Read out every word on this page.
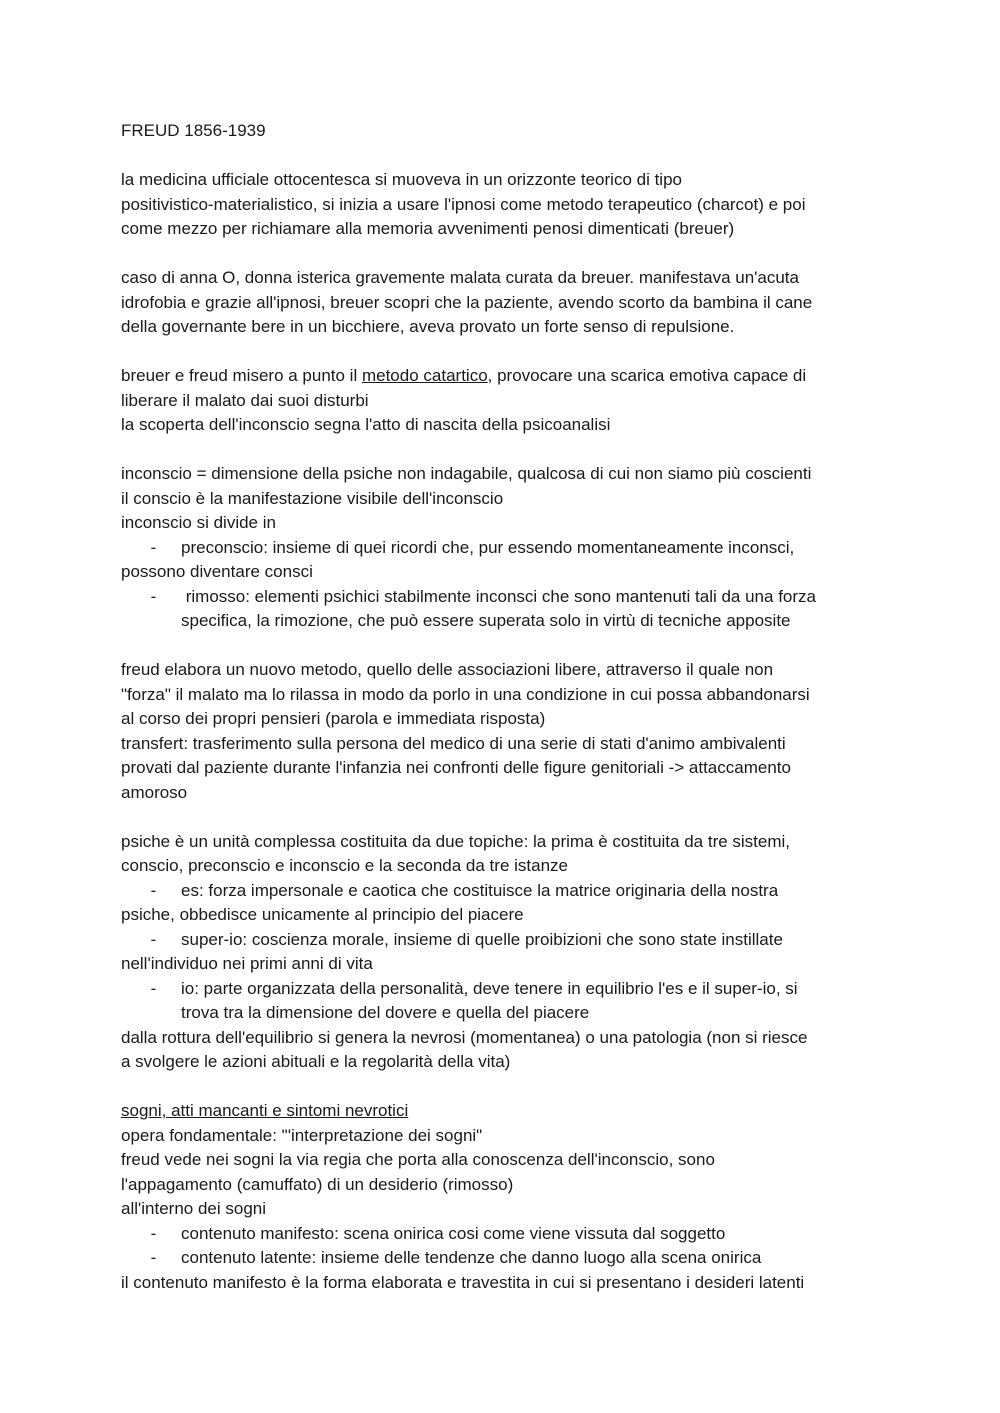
FREUD 1856-1939

la medicina ufficiale ottocentesca si muoveva in un orizzonte teorico di tipo

positivistico-materialistico, si inizia a usare l'ipnosi come metodo terapeutico (charcot) e poi

come mezzo per richiamare alla memoria avvenimenti penosi dimenticati (breuer)

caso di anna O, donna isterica gravemente malata curata da breuer. manifestava un'acuta

idrofobia e grazie all'ipnosi, breuer scopri che la paziente, avendo scorto da bambina il cane

della governante bere in un bicchiere, aveva provato un forte senso di repulsione.

breuer e freud misero a punto il metodo catartico, provocare una scarica emotiva capace di

liberare il malato dai suoi disturbi

la scoperta dell'inconscio segna l'atto di nascita della psicoanalisi

inconscio = dimensione della psiche non indagabile, qualcosa di cui non siamo più coscienti

il conscio è la manifestazione visibile dell'inconscio

inconscio si divide in

-	preconscio: insieme di quei ricordi che, pur essendo momentaneamente inconsci,

possono diventare consci

-	rimosso: elementi psichici stabilmente inconsci che sono mantenuti tali da una forza

specifica, la rimozione, che può essere superata solo in virtù di tecniche apposite

freud elabora un nuovo metodo, quello delle associazioni libere, attraverso il quale non

"forza" il malato ma lo rilassa in modo da porlo in una condizione in cui possa abbandonarsi

al corso dei propri pensieri (parola e immediata risposta)

transfert: trasferimento sulla persona del medico di una serie di stati d'animo ambivalenti

provati dal paziente durante l'infanzia nei confronti delle figure genitoriali -> attaccamento

amoroso

psiche è un unità complessa costituita da due topiche: la prima è costituita da tre sistemi,

conscio, preconscio e inconscio e la seconda da tre istanze

-	es: forza impersonale e caotica che costituisce la matrice originaria della nostra

psiche, obbedisce unicamente al principio del piacere

-	super-io: coscienza morale, insieme di quelle proibizioni che sono state instillate

nell'individuo nei primi anni di vita

-	io: parte organizzata della personalità, deve tenere in equilibrio l'es e il super-io, si

trova tra la dimensione del dovere e quella del piacere

dalla rottura dell'equilibrio si genera la nevrosi (momentanea) o una patologia (non si riesce

a svolgere le azioni abituali e la regolarità della vita)

sogni, atti mancanti e sintomi nevrotici

opera fondamentale: "'interpretazione dei sogni"

freud vede nei sogni la via regia che porta alla conoscenza dell'inconscio, sono

l'appagamento (camuffato) di un desiderio (rimosso)

all'interno dei sogni

-	contenuto manifesto: scena onirica cosi come viene vissuta dal soggetto
-	contenuto latente: insieme delle tendenze che danno luogo alla scena onirica

il contenuto manifesto è la forma elaborata e travestita in cui si presentano i desideri latenti
